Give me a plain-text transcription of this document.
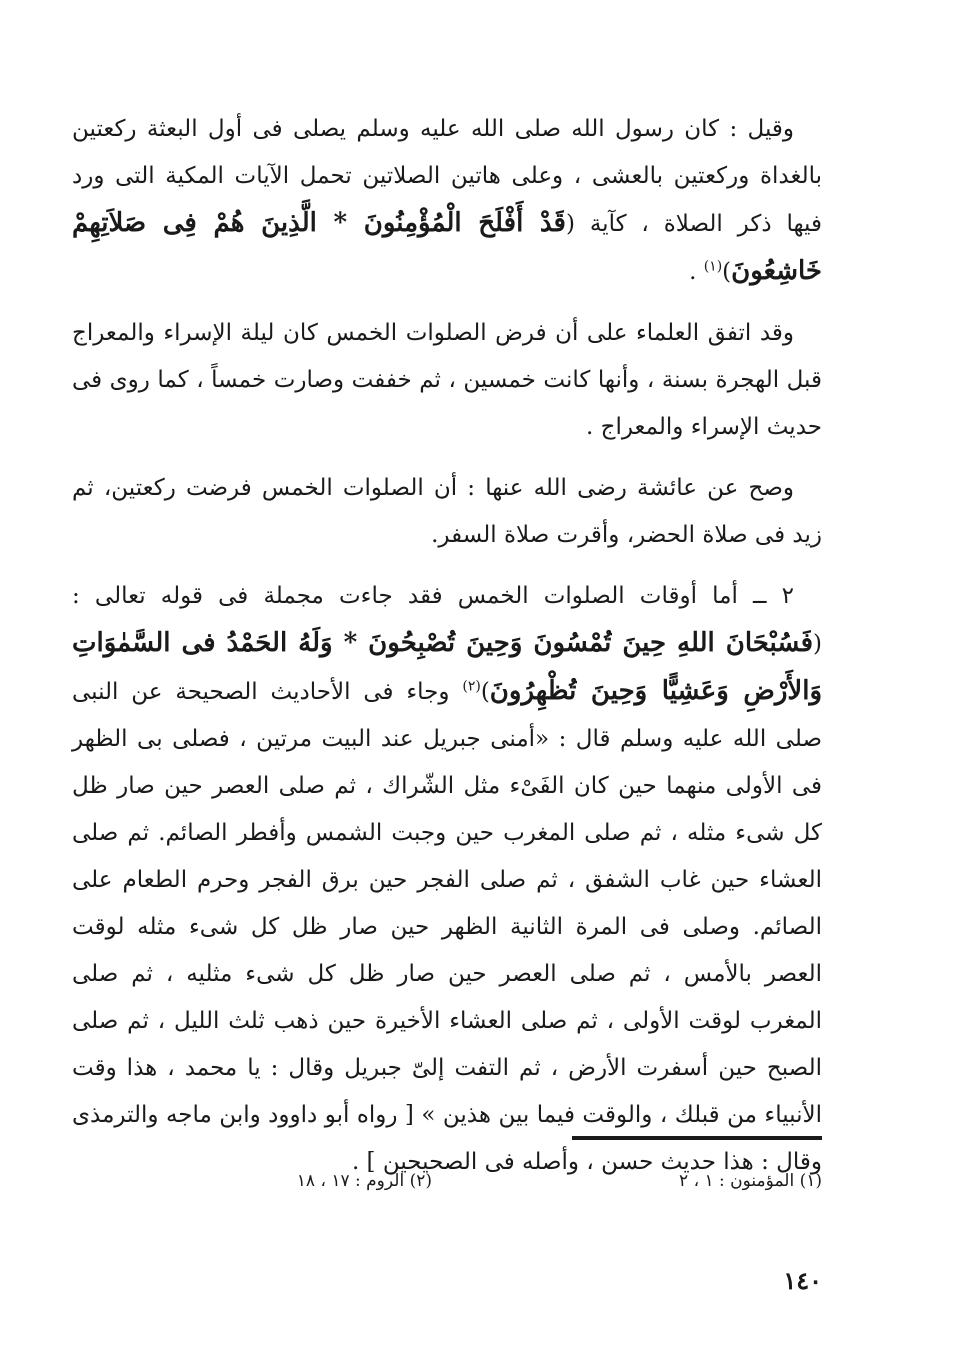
وقيل : كان رسول الله صلى الله عليه وسلم يصلى فى أول البعثة ركعتين بالغداة وركعتين بالعشى ، وعلى هاتين الصلاتين تحمل الآيات المكية التى ورد فيها ذكر الصلاة ، كآية (قَدْ أَفْلَحَ الْمُؤْمِنُونَ * الَّذِينَ هُمْ فِى صَلاَتِهِمْ خَاشِعُونَ)$^{(١)}$ .

وقد اتفق العلماء على أن فرض الصلوات الخمس كان ليلة الإسراء والمعراج قبل الهجرة بسنة ، وأنها كانت خمسين ، ثم خففت وصارت خمساً ، كما روى فى حديث الإسراء والمعراج .

وصح عن عائشة رضى الله عنها : أن الصلوات الخمس فرضت ركعتين، ثم زيد فى صلاة الحضر، وأقرت صلاة السفر.

٢ ــ أما أوقات الصلوات الخمس فقد جاءت مجملة فى قوله تعالى : (فَسُبْحَانَ اللهِ حِينَ تُمْسُونَ وَحِينَ تُصْبِحُونَ * وَلَهُ الحَمْدُ فى السَّمٰوَاتِ وَالأَرْضِ وَعَشِيًّا وَحِينَ تُظْهِرُونَ)$^{(٢)}$ وجاء فى الأحاديث الصحيحة عن النبى صلى الله عليه وسلم قال : «أمنى جبريل عند البيت مرتين ، فصلى بى الظهر فى الأولى منهما حين كان الفَىْء مثل الشّراك ، ثم صلى العصر حين صار ظل كل شىء مثله ، ثم صلى المغرب حين وجبت الشمس وأفطر الصائم. ثم صلى العشاء حين غاب الشفق ، ثم صلى الفجر حين برق الفجر وحرم الطعام على الصائم. وصلى فى المرة الثانية الظهر حين صار ظل كل شىء مثله لوقت العصر بالأمس ، ثم صلى العصر حين صار ظل كل شىء مثليه ، ثم صلى المغرب لوقت الأولى ، ثم صلى العشاء الأخيرة حين ذهب ثلث الليل ، ثم صلى الصبح حين أسفرت الأرض ، ثم التفت إلىّ جبريل وقال : يا محمد ، هذا وقت الأنبياء من قبلك ، والوقت فيما بين هذين » [ رواه أبو داوود وابن ماجه والترمذى وقال : هذا حديث حسن ، وأصله فى الصحيحين ] .

(١) المؤمنون : ١ ، ٢
(٢) الروم : ١٧ ، ١٨
١٤٠
